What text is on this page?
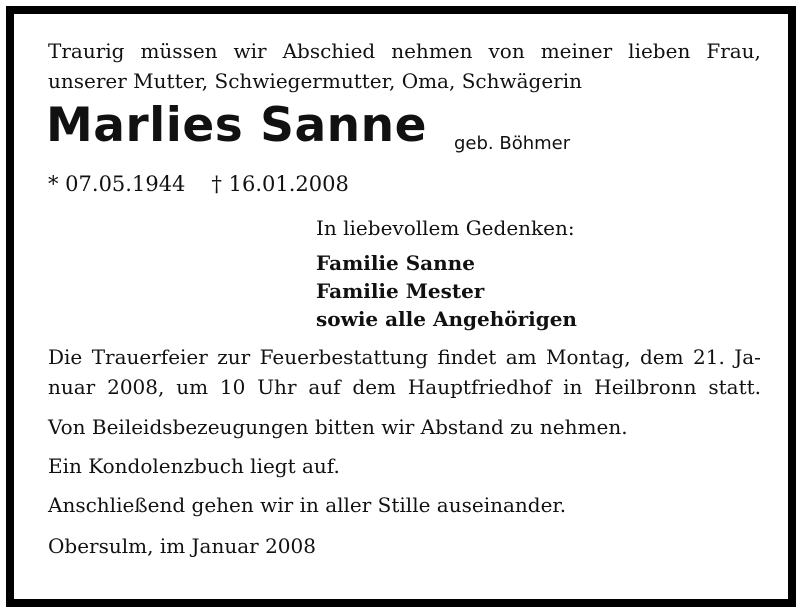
Traurig müssen wir Abschied nehmen von meiner lieben Frau,
unserer Mutter, Schwiegermutter, Oma, Schwägerin
Marlies Sanne geb. Böhmer
* 07.05.1944 † 16.01.2008
In liebevollem Gedenken:
Familie Sanne
Familie Mester
sowie alle Angehörigen
Die Trauerfeier zur Feuerbestattung findet am Montag, dem 21. Ja-
nuar 2008, um 10 Uhr auf dem Hauptfriedhof in Heilbronn statt.
Von Beileidsbezeugungen bitten wir Abstand zu nehmen.
Ein Kondolenzbuch liegt auf.
Anschließend gehen wir in aller Stille auseinander.
Obersulm, im Januar 2008
